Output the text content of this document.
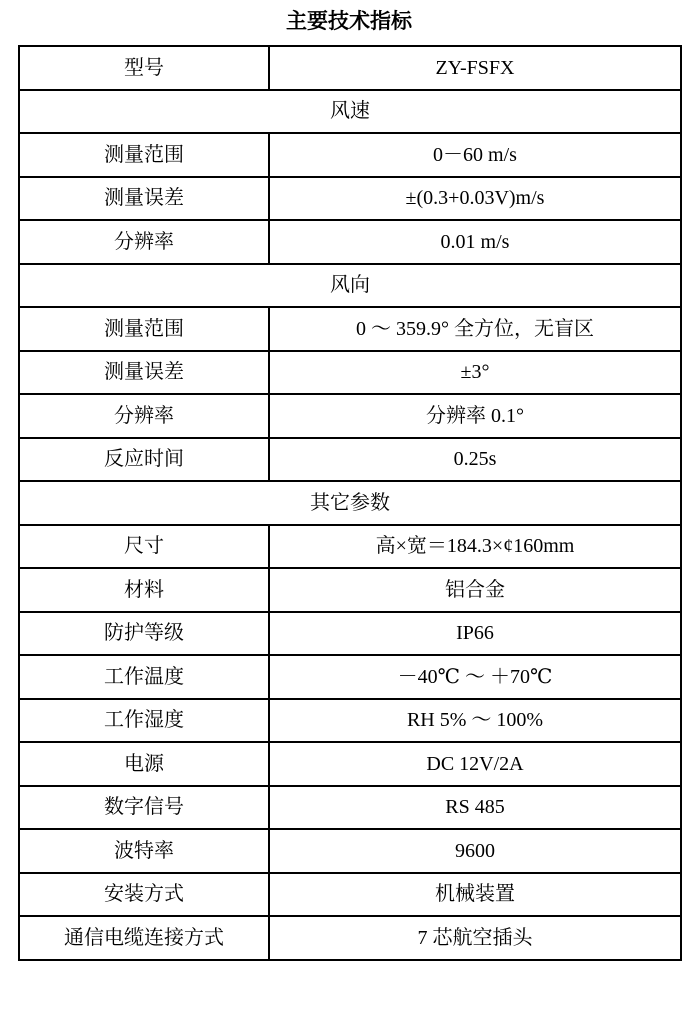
主要技术指标
型号	ZY-FSFX
风速	
测量范围	0－60 m/s
测量误差	±(0.3+0.03V)m/s
分辨率	0.01 m/s
风向	
测量范围	0 ～ 359.9° 全方位，无盲区
测量误差	±3°
分辨率	分辨率 0.1°
反应时间	0.25s
其它参数	
尺寸	高×宽＝184.3×¢160mm
材料	铝合金
防护等级	IP66
工作温度	－40℃ ～ ＋70℃
工作湿度	RH 5% ～ 100%
电源	DC 12V/2A
数字信号	RS 485
波特率	9600
安装方式	机械装置
通信电缆连接方式	7 芯航空插头
